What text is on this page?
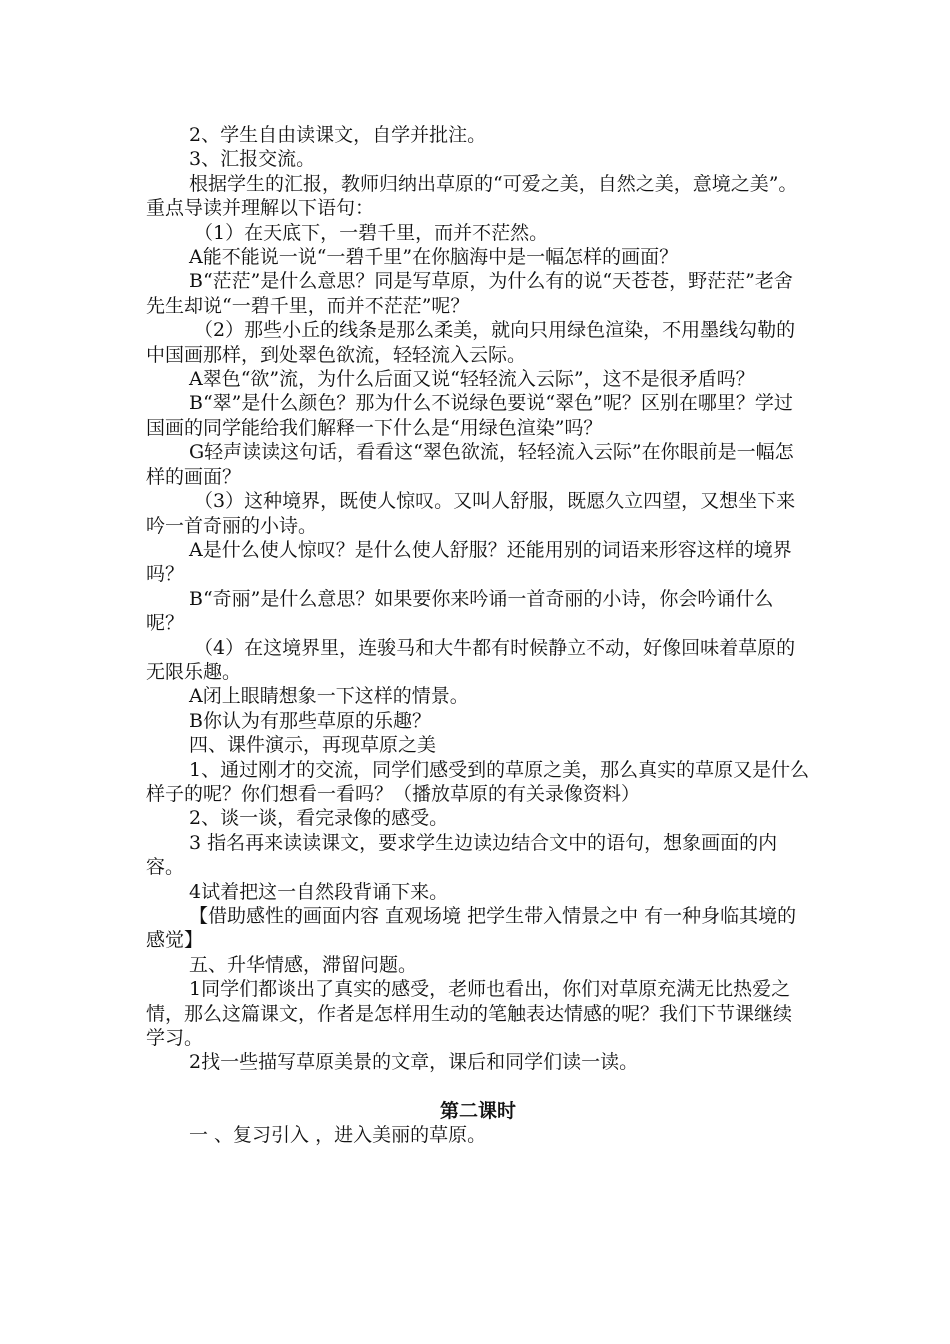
2、学生自由读课文，自学并批注。

3、汇报交流。

根据学生的汇报，教师归纳出草原的“可爱之美，自然之美，意境之美”。重点导读并理解以下语句：

（1）在天底下，一碧千里，而并不茫然。

A能不能说一说“一碧千里”在你脑海中是一幅怎样的画面？

B“茫茫”是什么意思？同是写草原，为什么有的说“天苍苍，野茫茫”老舍先生却说“一碧千里，而并不茫茫”呢？

（2）那些小丘的线条是那么柔美，就向只用绿色渲染，不用墨线勾勒的中国画那样，到处翠色欲流，轻轻流入云际。

A翠色“欲”流，为什么后面又说“轻轻流入云际”，这不是很矛盾吗？

B“翠”是什么颜色？那为什么不说绿色要说“翠色”呢？区别在哪里？学过国画的同学能给我们解释一下什么是“用绿色渲染”吗？

G轻声读读这句话，看看这“翠色欲流，轻轻流入云际”在你眼前是一幅怎样的画面？

（3）这种境界，既使人惊叹。又叫人舒服，既愿久立四望，又想坐下来吟一首奇丽的小诗。

A是什么使人惊叹？是什么使人舒服？还能用别的词语来形容这样的境界吗？

B“奇丽”是什么意思？如果要你来吟诵一首奇丽的小诗，你会吟诵什么呢？

（4）在这境界里，连骏马和大牛都有时候静立不动，好像回味着草原的无限乐趣。

A闭上眼睛想象一下这样的情景。

B你认为有那些草原的乐趣？

四、课件演示，再现草原之美

1、通过刚才的交流，同学们感受到的草原之美，那么真实的草原又是什么样子的呢？你们想看一看吗？（播放草原的有关录像资料）

2、谈一谈，看完录像的感受。

3 指名再来读读课文，要求学生边读边结合文中的语句，想象画面的内容。

4试着把这一自然段背诵下来。

【借助感性的画面内容 直观场境 把学生带入情景之中 有一种身临其境的感觉】

五、升华情感，滞留问题。

1同学们都谈出了真实的感受，老师也看出，你们对草原充满无比热爱之情，那么这篇课文，作者是怎样用生动的笔触表达情感的呢？我们下节课继续学习。

2找一些描写草原美景的文章，课后和同学们读一读。

第二课时

一 、复习引入 ，进入美丽的草原。
